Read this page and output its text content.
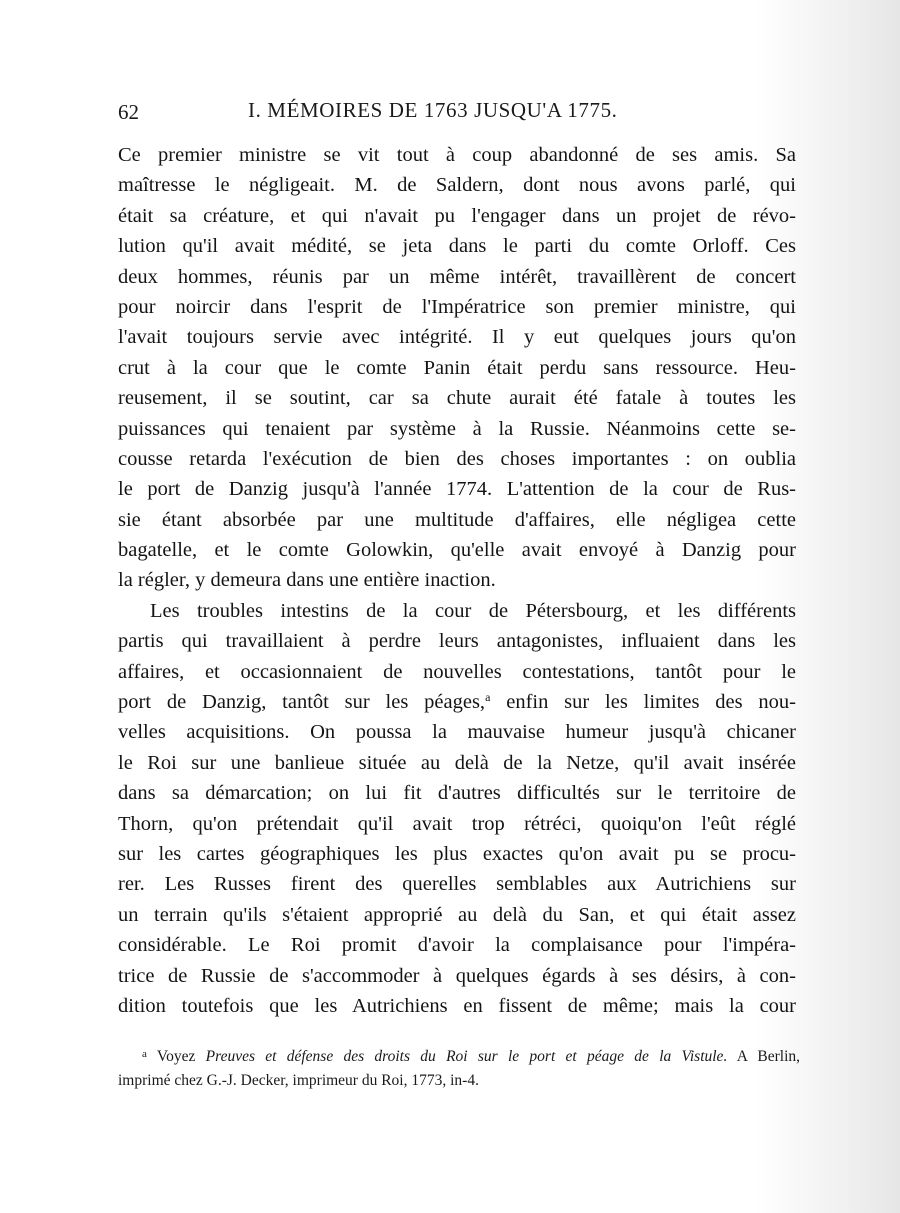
62	I. MÉMOIRES DE 1763 JUSQU'A 1775.
Ce premier ministre se vit tout à coup abandonné de ses amis. Sa
maîtresse le négligeait. M. de Saldern, dont nous avons parlé, qui
était sa créature, et qui n'avait pu l'engager dans un projet de révo-
lution qu'il avait médité, se jeta dans le parti du comte Orloff. Ces
deux hommes, réunis par un même intérêt, travaillèrent de concert
pour noircir dans l'esprit de l'Impératrice son premier ministre, qui
l'avait toujours servie avec intégrité. Il y eut quelques jours qu'on
crut à la cour que le comte Panin était perdu sans ressource. Heu-
reusement, il se soutint, car sa chute aurait été fatale à toutes les
puissances qui tenaient par système à la Russie. Néanmoins cette se-
cousse retarda l'exécution de bien des choses importantes : on oublia
le port de Danzig jusqu'à l'année 1774. L'attention de la cour de Rus-
sie étant absorbée par une multitude d'affaires, elle négligea cette
bagatelle, et le comte Golowkin, qu'elle avait envoyé à Danzig pour
la régler, y demeura dans une entière inaction.
Les troubles intestins de la cour de Pétersbourg, et les différents
partis qui travaillaient à perdre leurs antagonistes, influaient dans les
affaires, et occasionnaient de nouvelles contestations, tantôt pour le
port de Danzig, tantôt sur les péages,$^a$ enfin sur les limites des nou-
velles acquisitions. On poussa la mauvaise humeur jusqu'à chicaner
le Roi sur une banlieue située au delà de la Netze, qu'il avait insérée
dans sa démarcation; on lui fit d'autres difficultés sur le territoire de
Thorn, qu'on prétendait qu'il avait trop rétréci, quoiqu'on l'eût réglé
sur les cartes géographiques les plus exactes qu'on avait pu se procu-
rer. Les Russes firent des querelles semblables aux Autrichiens sur
un terrain qu'ils s'étaient approprié au delà du San, et qui était assez
considérable. Le Roi promit d'avoir la complaisance pour l'impéra-
trice de Russie de s'accommoder à quelques égards à ses désirs, à con-
dition toutefois que les Autrichiens en fissent de même; mais la cour
$^a$ Voyez Preuves et défense des droits du Roi sur le port et péage de la Vistule. A Berlin,
imprimé chez G.-J. Decker, imprimeur du Roi, 1773, in-4.
